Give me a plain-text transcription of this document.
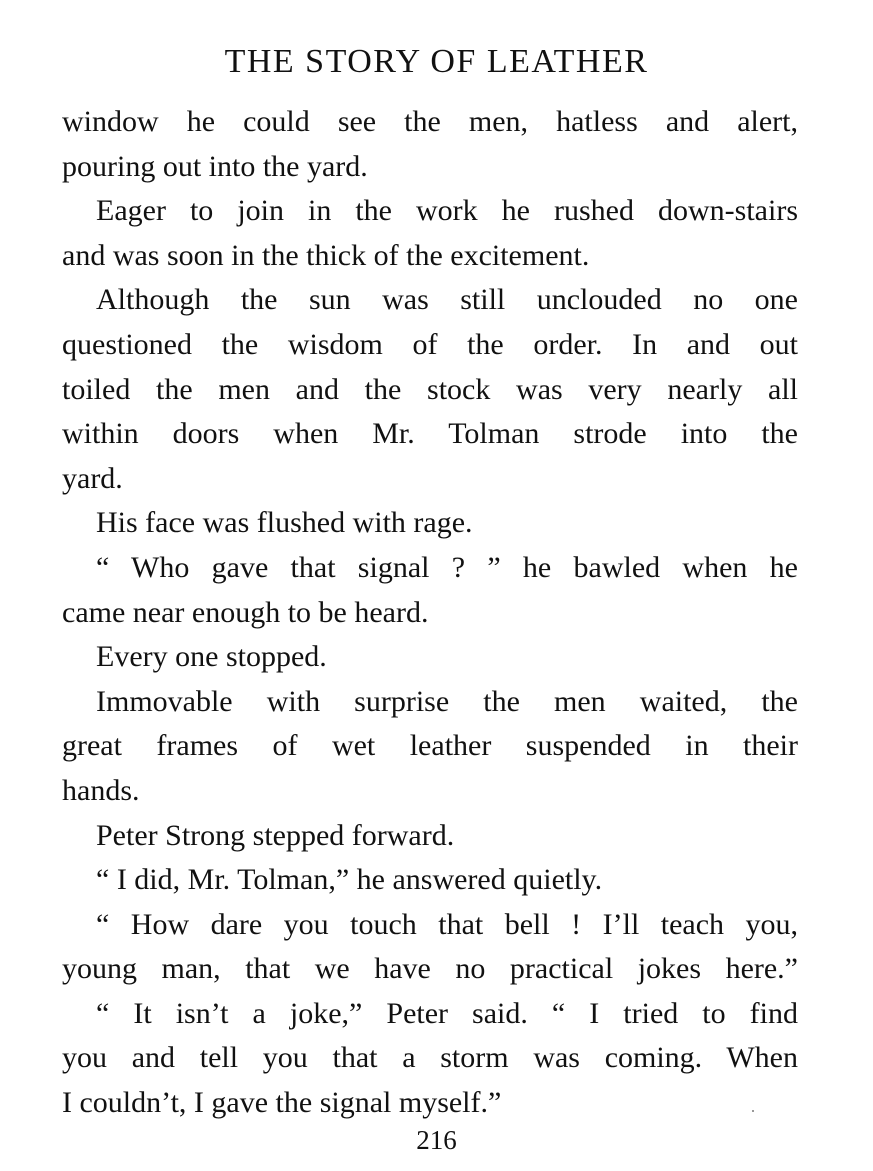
THE STORY OF LEATHER
window he could see the men, hatless and alert,
pouring out into the yard.
Eager to join in the work he rushed down-stairs
and was soon in the thick of the excitement.
Although the sun was still unclouded no one
questioned the wisdom of the order. In and out
toiled the men and the stock was very nearly all
within doors when Mr. Tolman strode into the
yard.
His face was flushed with rage.
“ Who gave that signal ? ” he bawled when he
came near enough to be heard.
Every one stopped.
Immovable with surprise the men waited, the
great frames of wet leather suspended in their
hands.
Peter Strong stepped forward.
“ I did, Mr. Tolman,” he answered quietly.
“ How dare you touch that bell ! I’ll teach you,
young man, that we have no practical jokes here.”
“ It isn’t a joke,” Peter said. “ I tried to find
you and tell you that a storm was coming. When
I couldn’t, I gave the signal myself.”
216
